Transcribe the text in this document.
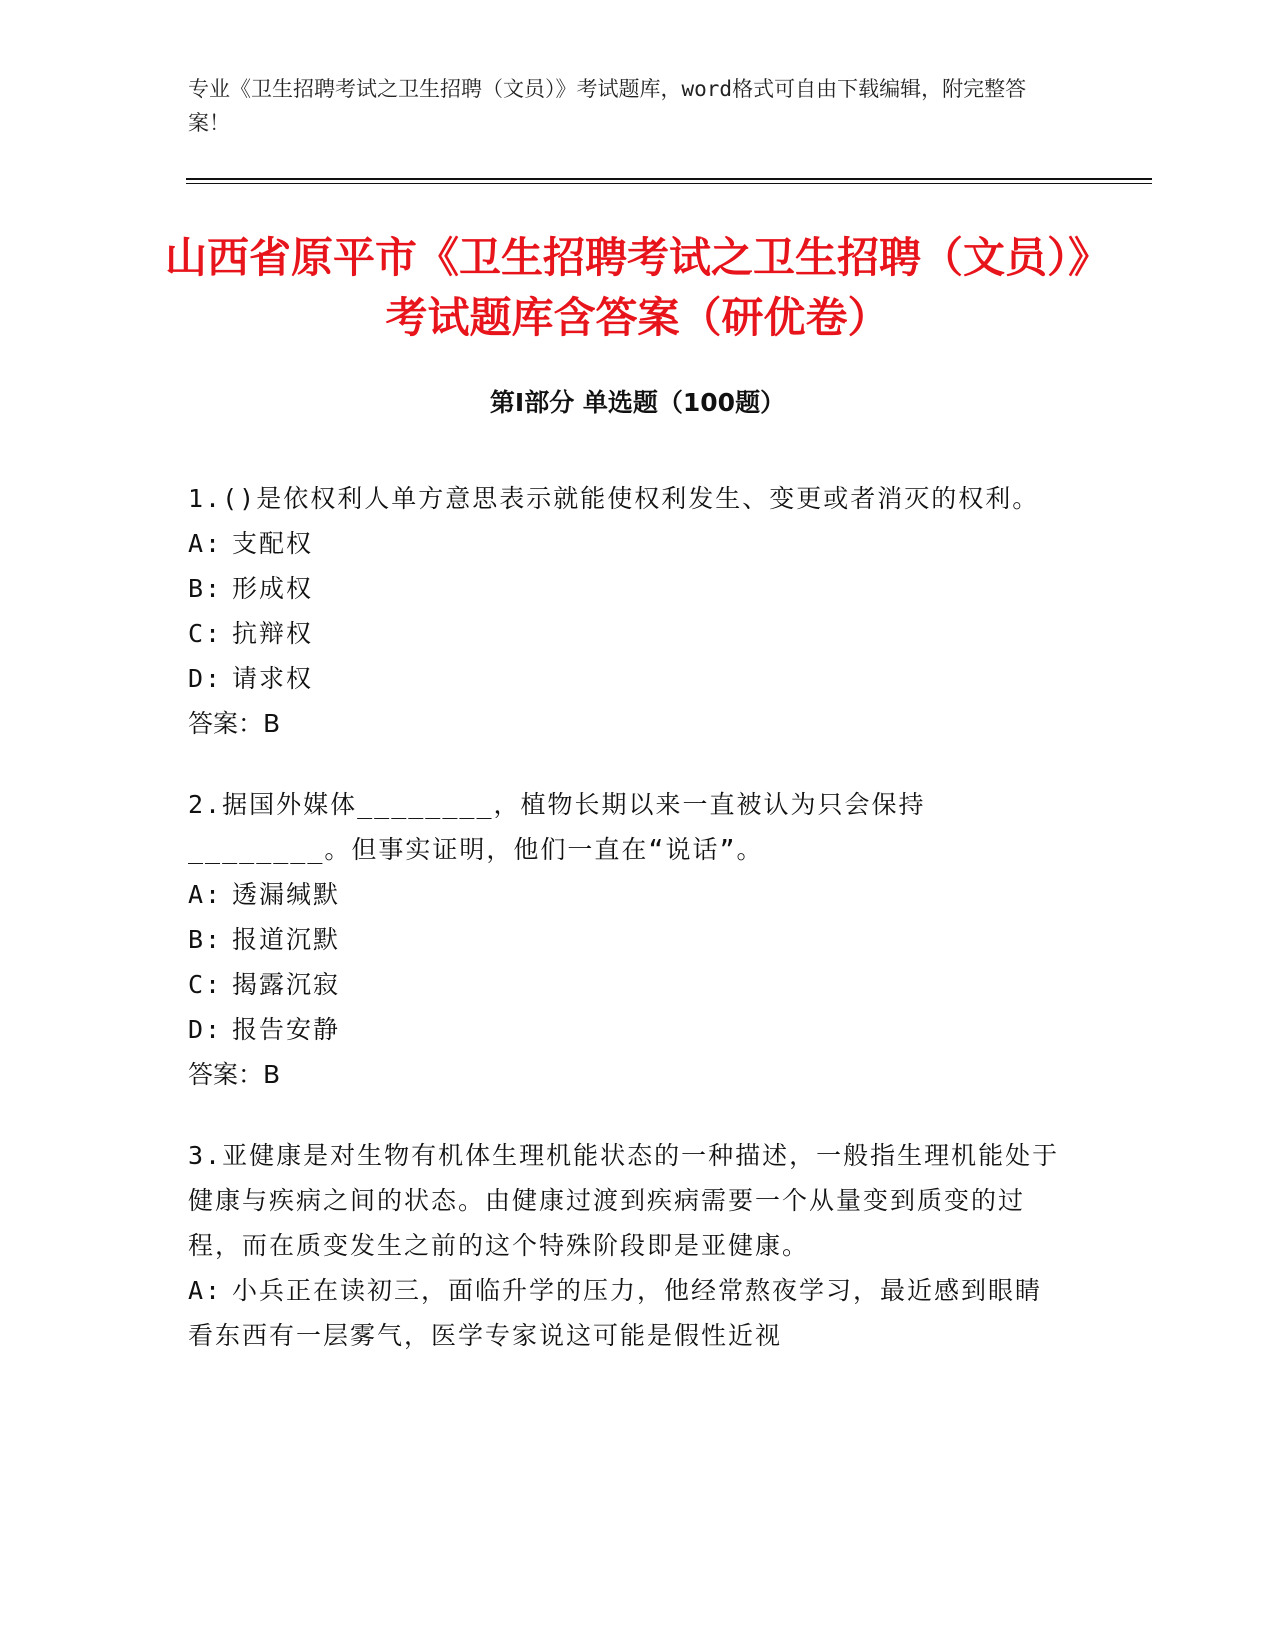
专业《卫生招聘考试之卫生招聘（文员）》考试题库，word格式可自由下载编辑，附完整答案！
山西省原平市《卫生招聘考试之卫生招聘（文员）》考试题库含答案（研优卷）
第Ⅰ部分 单选题（100题）

1.()是依权利人单方意思表示就能使权利发生、变更或者消灭的权利。

A: 支配权

B: 形成权

C: 抗辩权

D: 请求权

答案：B

2.据国外媒体________，植物长期以来一直被认为只会保持________。但事实证明，他们一直在“说话”。

A: 透漏缄默

B: 报道沉默

C: 揭露沉寂

D: 报告安静

答案：B

3.亚健康是对生物有机体生理机能状态的一种描述，一般指生理机能处于健康与疾病之间的状态。由健康过渡到疾病需要一个从量变到质变的过程，而在质变发生之前的这个特殊阶段即是亚健康。

A: 小兵正在读初三，面临升学的压力，他经常熬夜学习，最近感到眼睛看东西有一层雾气，医学专家说这可能是假性近视
